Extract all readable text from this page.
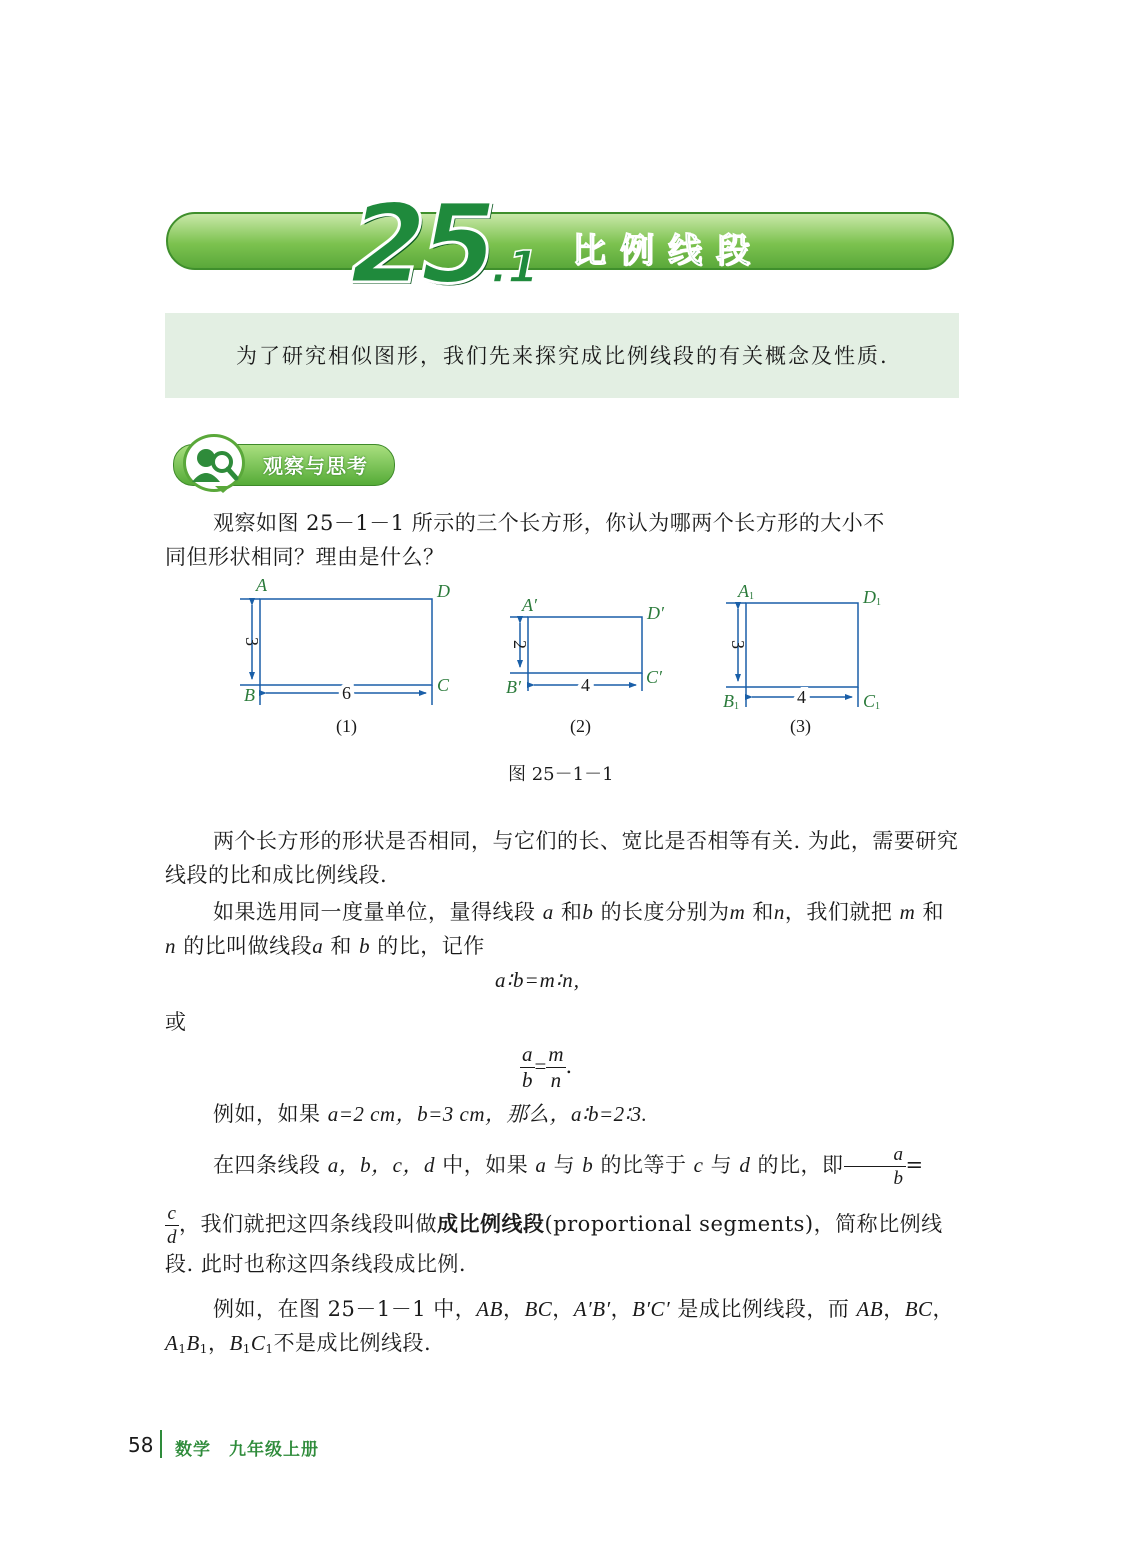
25.1 比例线段
为了研究相似图形，我们先来探究成比例线段的有关概念及性质.
观察与思考
观察如图 25－1－1 所示的三个长方形，你认为哪两个长方形的大小不
同但形状相同？理由是什么？
3
6
2
4
3
4
A	D
B	C
A′	D′
B′	C′
A1	D1
B1	C1
(1)	(2)	(3)
图 25－1－1
两个长方形的形状是否相同，与它们的长、宽比是否相等有关. 为此，需要研究线段的比和成比例线段.
如果选用同一度量单位，量得线段 a 和b 的长度分别为m 和n，我们就把 m 和 n 的比叫做线段a 和 b 的比，记作
a∶b=m∶n,
或
$\frac{a}{b} = \frac{m}{n}$ .
例如，如果 a=2 cm，b=3 cm，那么，a∶b=2∶3.
在四条线段 a，b，c，d 中，如果 a 与 b 的比等于 c 与 d 的比，即 $\frac{a}{b}$ =
$\frac{c}{d}$ ，我们就把这四条线段叫做成比例线段(proportional segments)，简称比例线段. 此时也称这四条线段成比例.
例如，在图 25－1－1 中，AB，BC，A′B′，B′C′ 是成比例线段，而 AB，BC，$A_1B_1$，$B_1C_1$不是成比例线段.
58 数学　九年级上册
